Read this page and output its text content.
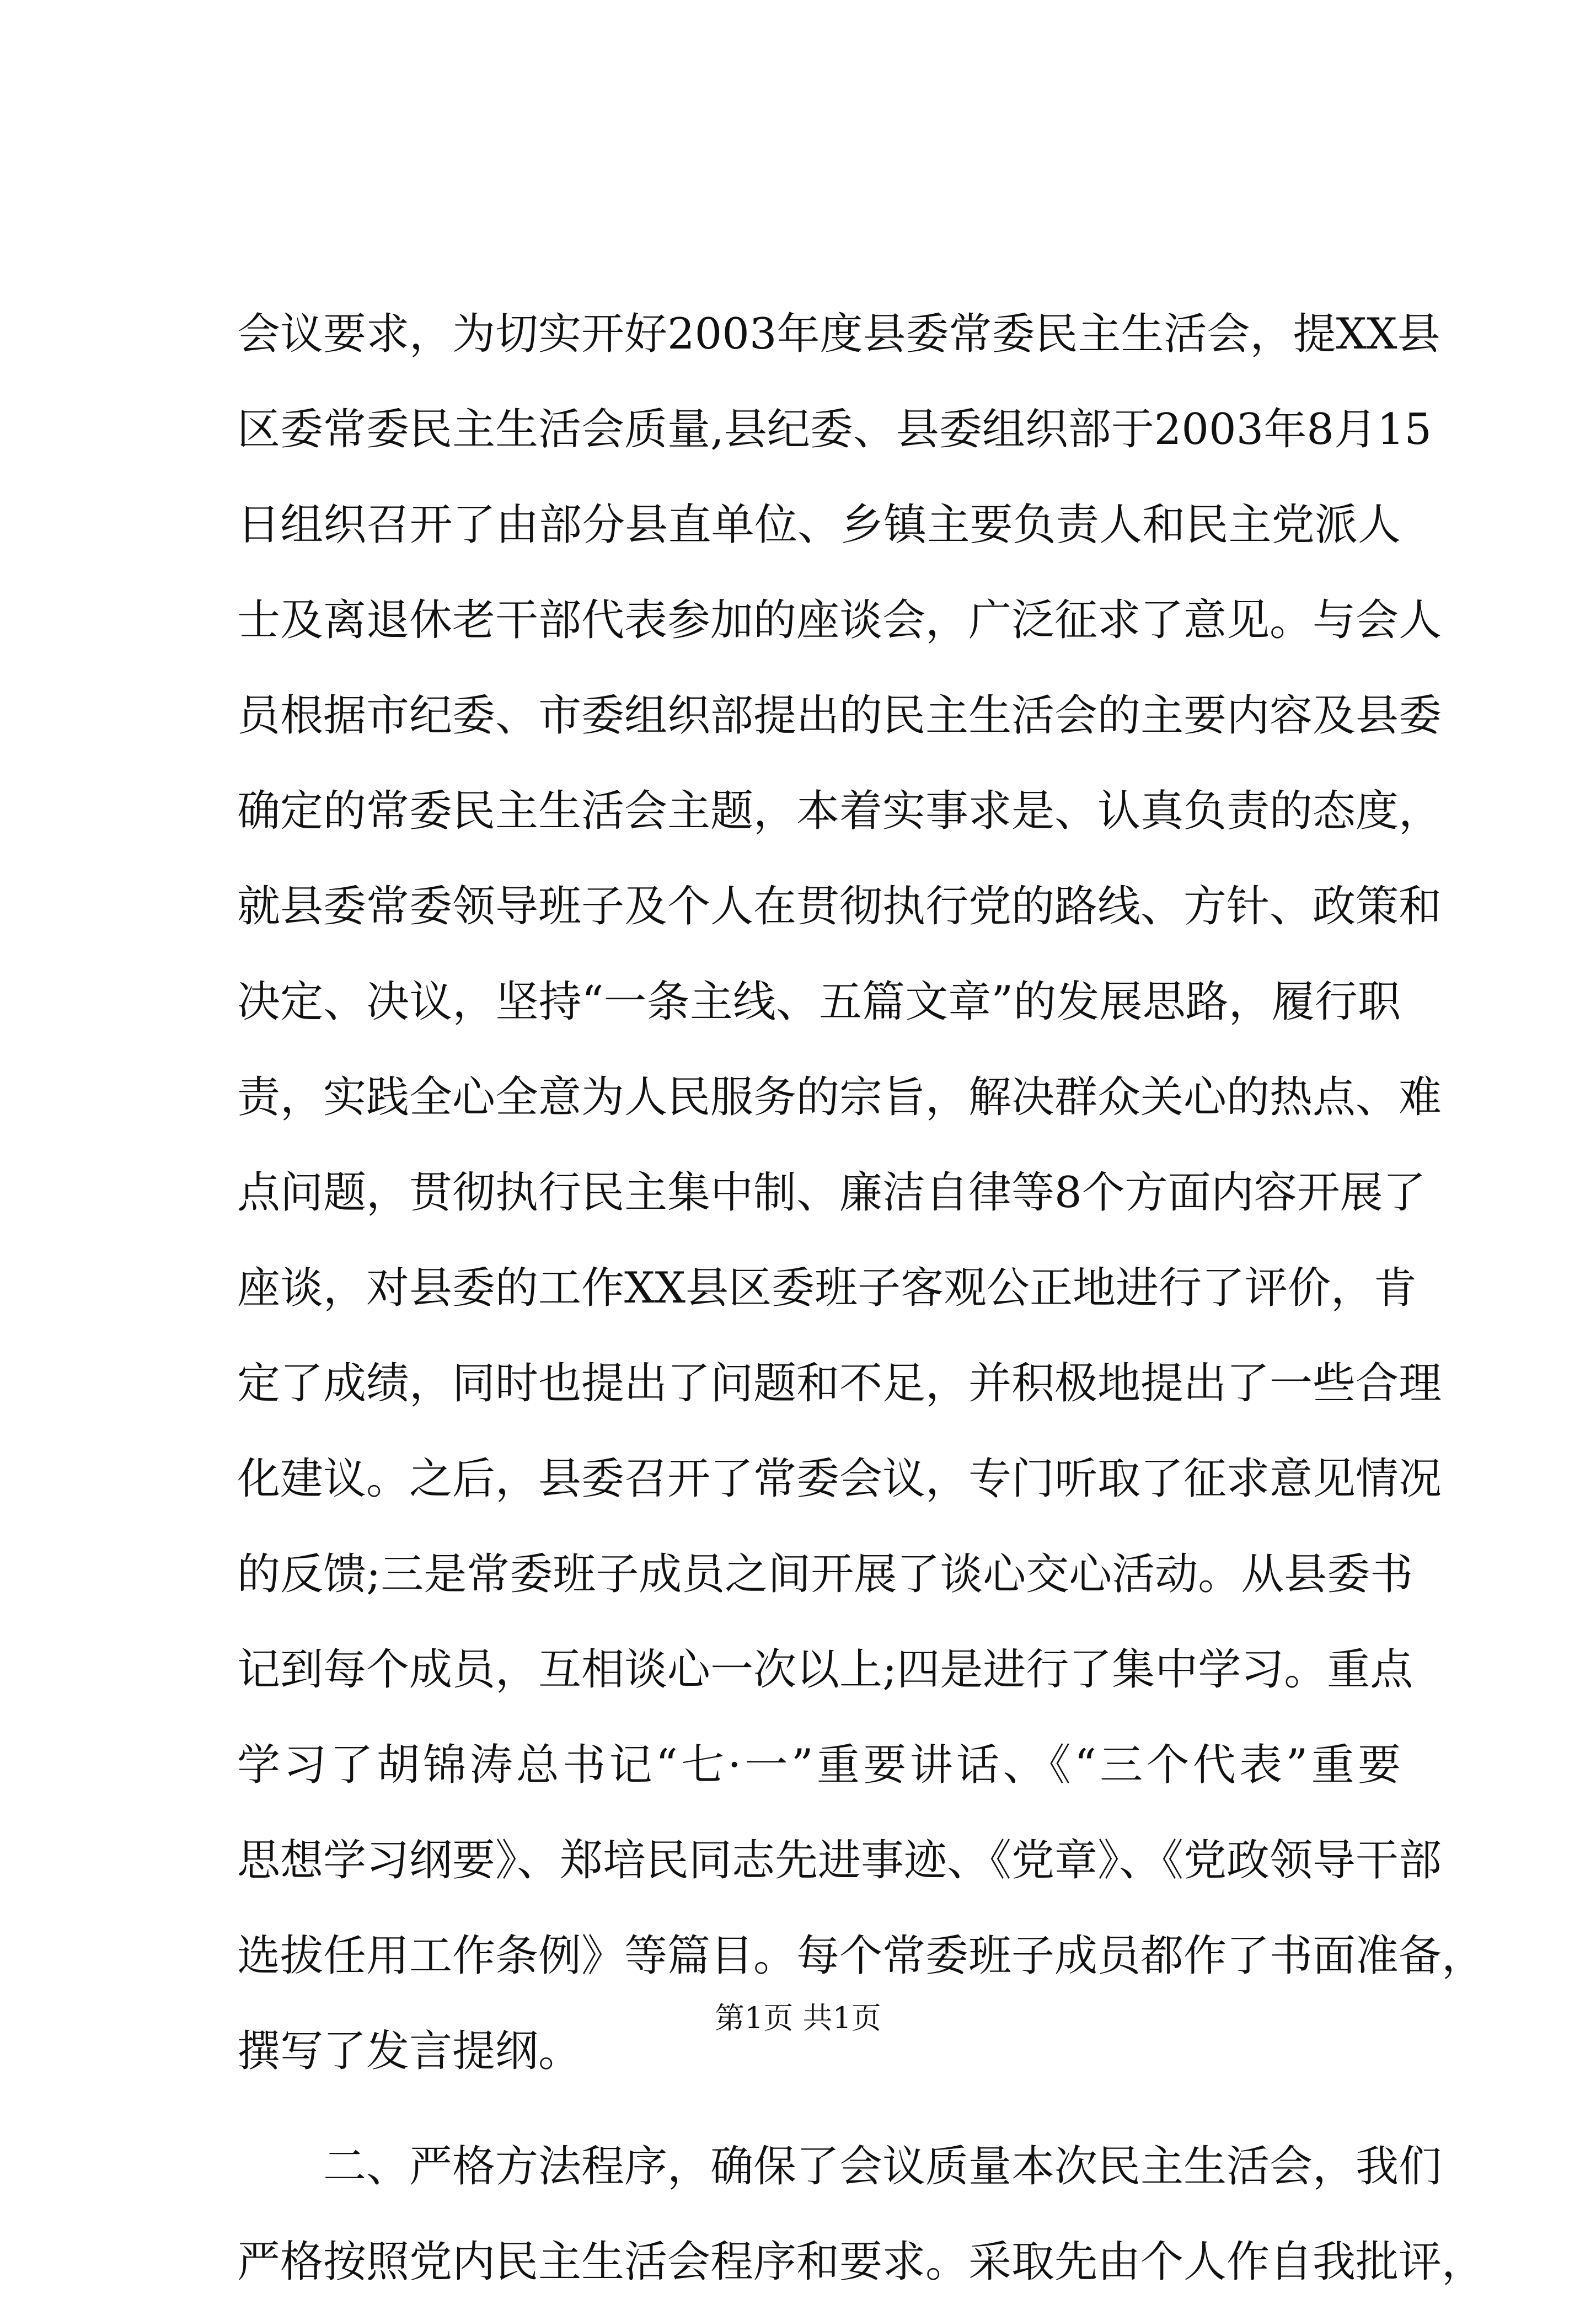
会议要求，为切实开好2003年度县委常委民主生活会，提XX县
区委常委民主生活会质量,县纪委、县委组织部于2003年8月15
日组织召开了由部分县直单位、乡镇主要负责人和民主党派人
士及离退休老干部代表参加的座谈会，广泛征求了意见。与会人
员根据市纪委、市委组织部提出的民主生活会的主要内容及县委
确定的常委民主生活会主题，本着实事求是、认真负责的态度，
就县委常委领导班子及个人在贯彻执行党的路线、方针、政策和
决定、决议，坚持“一条主线、五篇文章”的发展思路，履行职
责，实践全心全意为人民服务的宗旨，解决群众关心的热点、难
点问题，贯彻执行民主集中制、廉洁自律等8个方面内容开展了
座谈，对县委的工作XX县区委班子客观公正地进行了评价，肯
定了成绩，同时也提出了问题和不足，并积极地提出了一些合理
化建议。之后，县委召开了常委会议，专门听取了征求意见情况
的反馈;三是常委班子成员之间开展了谈心交心活动。从县委书
记到每个成员，互相谈心一次以上;四是进行了集中学习。重点
学习了胡锦涛总书记“七·一”重要讲话、《“三个代表”重要
思想学习纲要》、郑培民同志先进事迹、《党章》、《党政领导干部
选拔任用工作条例》等篇目。每个常委班子成员都作了书面准备，
撰写了发言提纲。
　　二、严格方法程序，确保了会议质量本次民主生活会，我们
严格按照党内民主生活会程序和要求。采取先由个人作自我批评，
第1页 共1页
